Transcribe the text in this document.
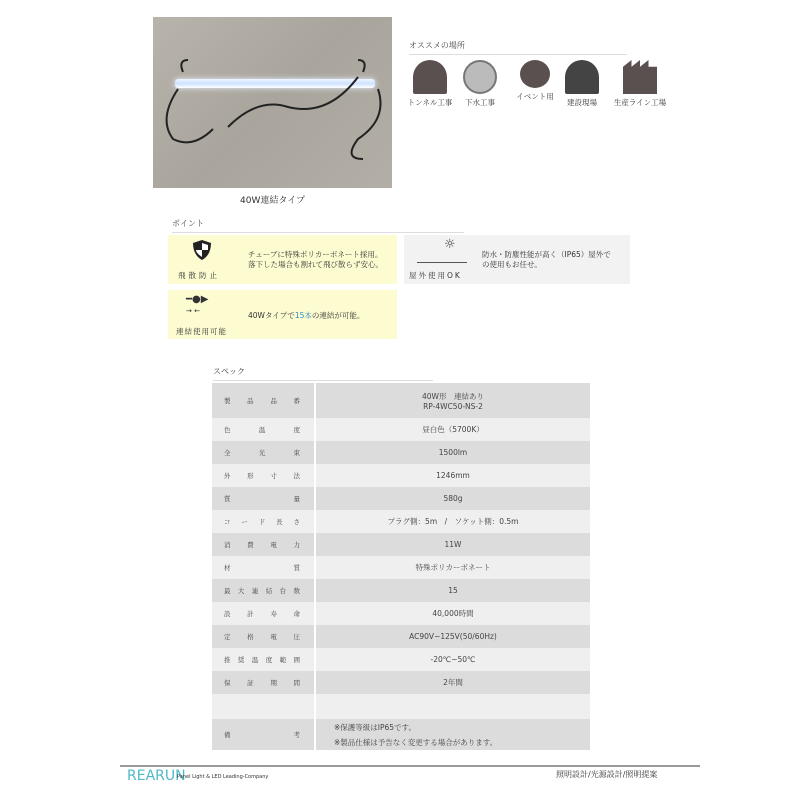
40W連結タイプ
オススメの場所
トンネル工事	下水工事
イベント用
建設現場	生産ライン工場
ポイント
飛散防止
チューブに特殊ポリカーボネート採用。
落下した場合も割れて飛び散らず安心。
☼
屋外使用OK
防水・防塵性能が高く（IP65）屋外で
の使用もお任せ。
━●▶
→ ←
連結使用可能
40Wタイプで15本の連結が可能。
スペック
製品品番	40W形　連結あり
RP-4WC50-NS-2

色温度	昼白色（5700K）

全光束	1500lm

外形寸法	1246mm

質量	580g

コード長さ	プラグ側：5m　/　ソケット側：0.5m

消費電力	11W

材質	特殊ポリカーボネート

最大連結台数	15

設計寿命	40,000時間

定格電圧	AC90V~125V(50/60Hz)

推奨温度範囲	-20℃~50℃

保証期間	2年間

備考	※保護等級はIP65です。
※製品仕様は予告なく変更する場合があります。
REARUN
Panel Light & LED Leading-Company	照明設計/光源設計/照明提案
